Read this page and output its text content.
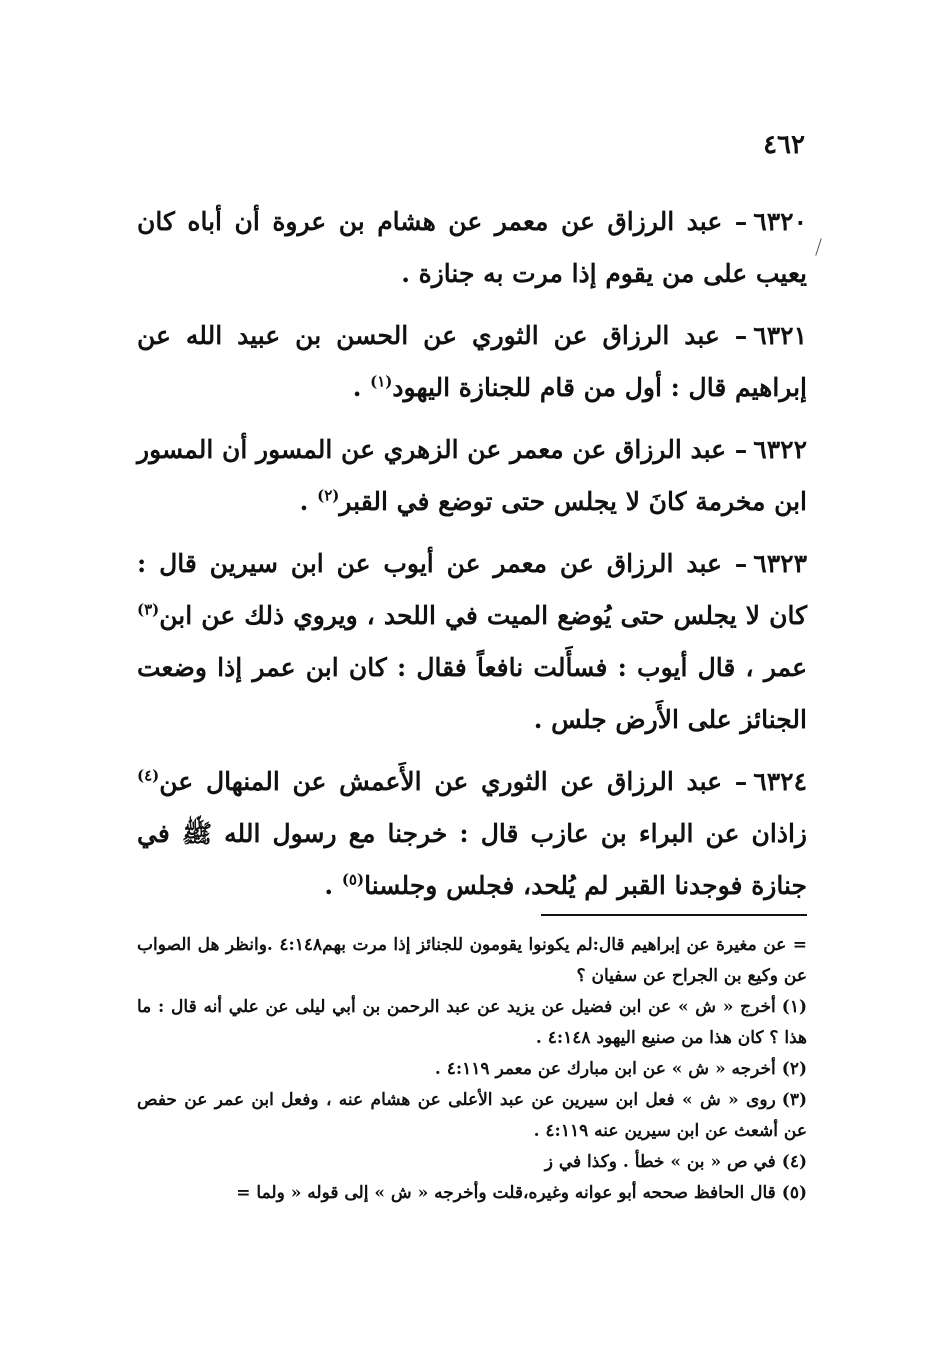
٤٦٢

٦٣٢٠– عبد الرزاق عن معمر عن هشام بن عروة أن أباه كان يعيب على من يقوم إذا مرت به جنازة .

٦٣٢١– عبد الرزاق عن الثوري عن الحسن بن عبيد الله عن إبراهيم قال : أول من قام للجنازة اليهود$^{(١)}$ .

٦٣٢٢– عبد الرزاق عن معمر عن الزهري عن المسور أن المسور ابن مخرمة كانَ لا يجلس حتى توضع في القبر$^{(٢)}$ .

٦٣٢٣– عبد الرزاق عن معمر عن أيوب عن ابن سيرين قال : كان لا يجلس حتى يُوضع الميت في اللحد ، ويروي ذلك عن ابن$^{(٣)}$ عمر ، قال أيوب : فسأَلت نافعاً فقال : كان ابن عمر إذا وضعت الجنائز على الأَرض جلس .

٦٣٢٤– عبد الرزاق عن الثوري عن الأَعمش عن المنهال عن$^{(٤)}$ زاذان عن البراء بن عازب قال : خرجنا مع رسول الله ﷺ في جنازة فوجدنا القبر لم يُلحد، فجلس وجلسنا$^{(٥)}$ .

= عن مغيرة عن إبراهيم قال:لم يكونوا يقومون للجنائز إذا مرت بهم٤:١٤٨ .وانظر هل الصواب عن وكيع بن الجراح عن سفيان ؟

(١)أخرج « ش » عن ابن فضيل عن يزيد عن عبد الرحمن بن أبي ليلى عن علي أنه قال : ما هذا ؟ كان هذا من صنيع اليهود ٤:١٤٨ .

(٢)أخرجه « ش » عن ابن مبارك عن معمر ٤:١١٩ .

(٣)روى « ش » فعل ابن سيرين عن عبد الأعلى عن هشام عنه ، وفعل ابن عمر عن حفص عن أشعث عن ابن سيرين عنه ٤:١١٩ .

(٤)في ص « بن » خطأ . وكذا في ز

(٥)قال الحافظ صححه أبو عوانه وغيره،قلت وأخرجه « ش » إلى قوله « ولما =
